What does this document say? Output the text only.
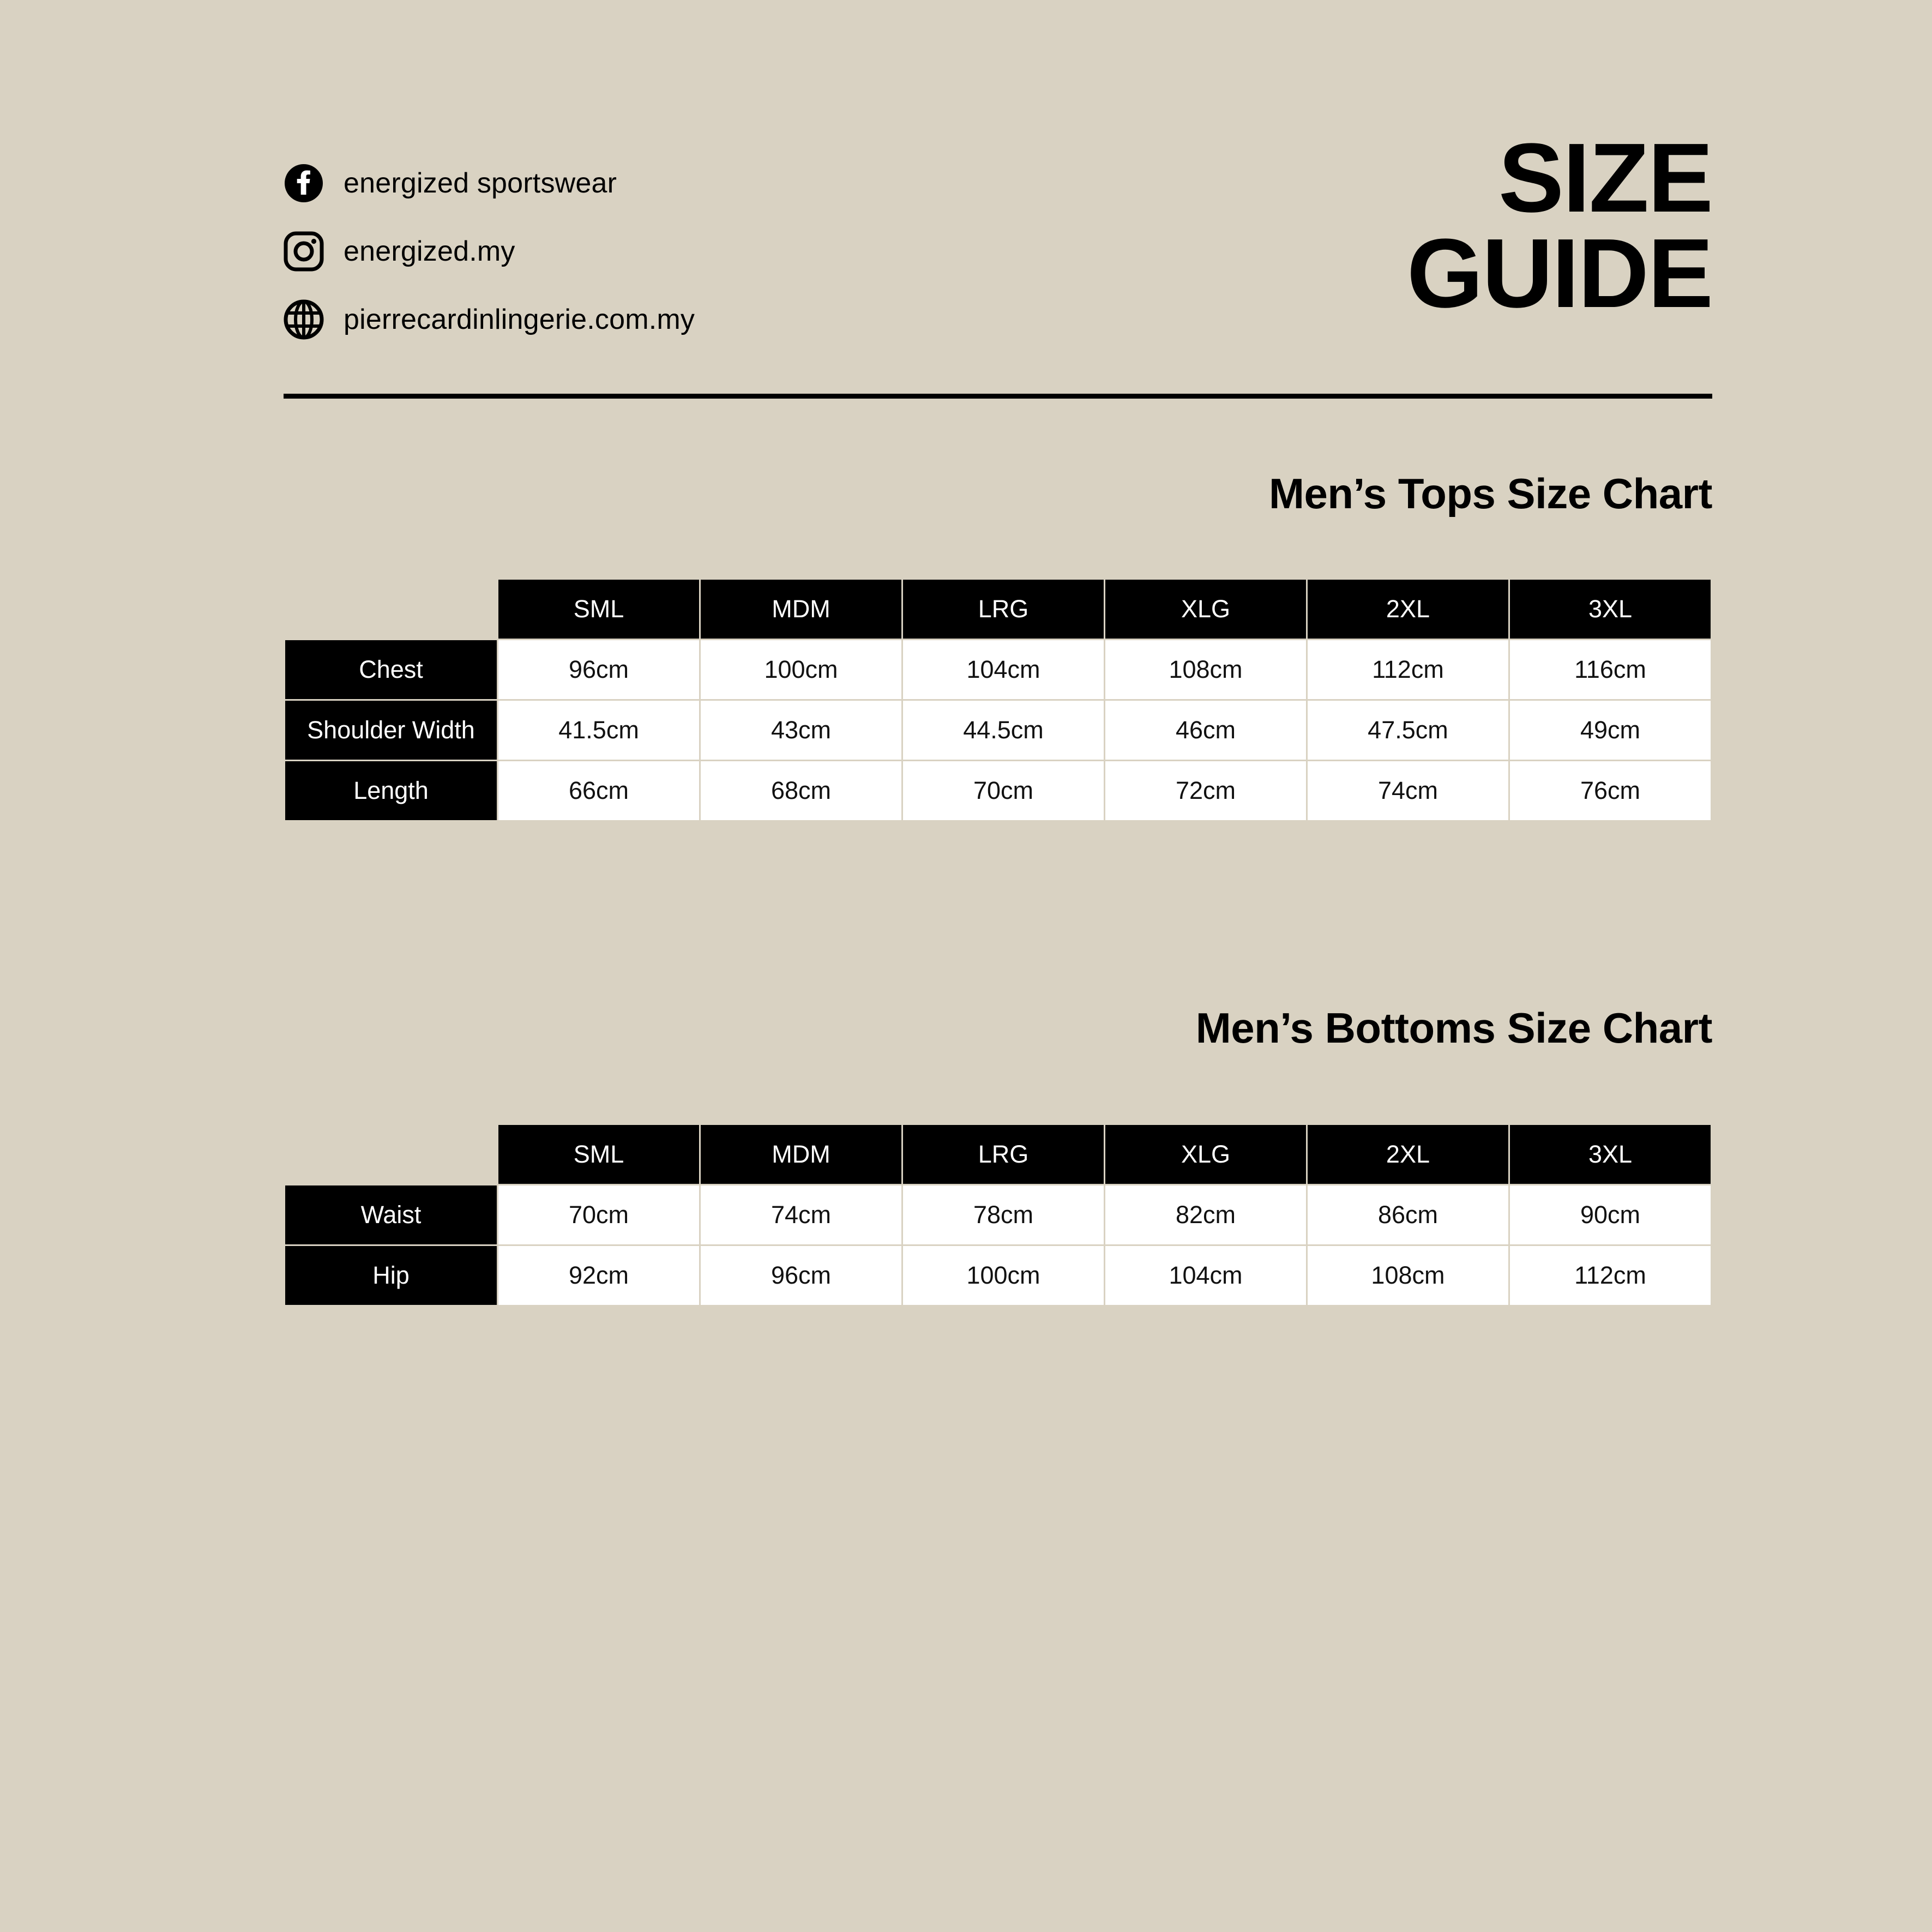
energized sportswear
energized.my
pierrecardinlingerie.com.my
SIZE
GUIDE
Men’s Tops Size Chart
	SML	MDM	LRG	XLG	2XL	3XL
Chest	96cm	100cm	104cm	108cm	112cm	116cm
Shoulder Width	41.5cm	43cm	44.5cm	46cm	47.5cm	49cm
Length	66cm	68cm	70cm	72cm	74cm	76cm
Men’s Bottoms Size Chart
	SML	MDM	LRG	XLG	2XL	3XL
Waist	70cm	74cm	78cm	82cm	86cm	90cm
Hip	92cm	96cm	100cm	104cm	108cm	112cm
